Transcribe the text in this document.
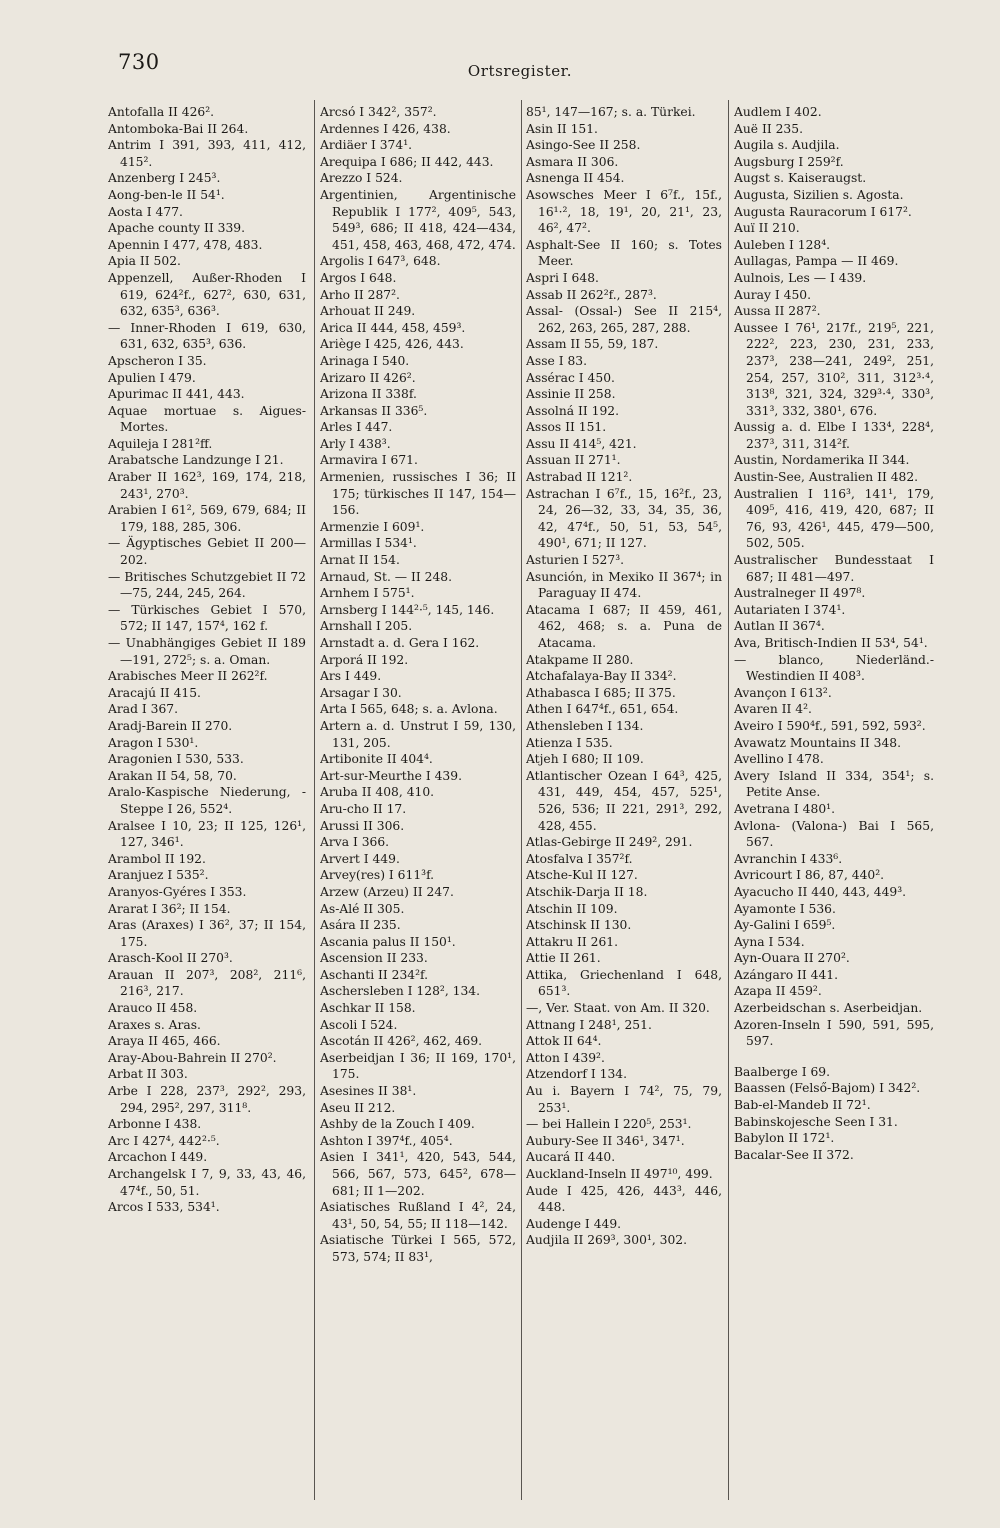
730	Ortsregister.

Antofalla II 426².

Antomboka-Bai II 264.

Antrim I 391, 393, 411, 412, 415².

Anzenberg I 245³.

Aong-ben-le II 54¹.

Aosta I 477.

Apache county II 339.

Apennin I 477, 478, 483.

Apia II 502.

Appenzell, Außer-Rhoden I 619, 624²f., 627², 630, 631, 632, 635³, 636³.

— Inner-Rhoden I 619, 630, 631, 632, 635³, 636.

Apscheron I 35.

Apulien I 479.

Apurimac II 441, 443.

Aquae mortuae s. Aigues-Mortes.

Aquileja I 281²ff.

Arabatsche Landzunge I 21.

Araber II 162³, 169, 174, 218, 243¹, 270³.

Arabien I 61², 569, 679, 684; II 179, 188, 285, 306.

— Ägyptisches Gebiet II 200—202.

— Britisches Schutzgebiet II 72—75, 244, 245, 264.

— Türkisches Gebiet I 570, 572; II 147, 157⁴, 162 f.

— Unabhängiges Gebiet II 189—191, 272⁵; s. a. Oman.

Arabisches Meer II 262²f.

Aracajú II 415.

Arad I 367.

Aradj-Barein II 270.

Aragon I 530¹.

Aragonien I 530, 533.

Arakan II 54, 58, 70.

Aralo-Kaspische Niederung, -Steppe I 26, 552⁴.

Aralsee I 10, 23; II 125, 126¹, 127, 346¹.

Arambol II 192.

Aranjuez I 535².

Aranyos-Gyéres I 353.

Ararat I 36²; II 154.

Aras (Araxes) I 36², 37; II 154, 175.

Arasch-Kool II 270³.

Arauan II 207³, 208², 211⁶, 216³, 217.

Arauco II 458.

Araxes s. Aras.

Araya II 465, 466.

Aray-Abou-Bahrein II 270².

Arbat II 303.

Arbe I 228, 237³, 292², 293, 294, 295², 297, 311⁸.

Arbonne I 438.

Arc I 427⁴, 442²·⁵.

Arcachon I 449.

Archangelsk I 7, 9, 33, 43, 46, 47⁴f., 50, 51.

Arcos I 533, 534¹.

Arcsó I 342², 357².

Ardennes I 426, 438.

Ardiäer I 374¹.

Arequipa I 686; II 442, 443.

Arezzo I 524.

Argentinien, Argentinische Republik I 177², 409⁵, 543, 549³, 686; II 418, 424—434, 451, 458, 463, 468, 472, 474.

Argolis I 647³, 648.

Argos I 648.

Arho II 287².

Arhouat II 249.

Arica II 444, 458, 459³.

Ariège I 425, 426, 443.

Arinaga I 540.

Arizaro II 426².

Arizona II 338f.

Arkansas II 336⁵.

Arles I 447.

Arly I 438³.

Armavira I 671.

Armenien, russisches I 36; II 175; türkisches II 147, 154—156.

Armenzie I 609¹.

Armillas I 534¹.

Arnat II 154.

Arnaud, St. — II 248.

Arnhem I 575¹.

Arnsberg I 144²·⁵, 145, 146.

Arnshall I 205.

Arnstadt a. d. Gera I 162.

Arporá II 192.

Ars I 449.

Arsagar I 30.

Arta I 565, 648; s. a. Avlona.

Artern a. d. Unstrut I 59, 130, 131, 205.

Artibonite II 404⁴.

Art-sur-Meurthe I 439.

Aruba II 408, 410.

Aru-cho II 17.

Arussi II 306.

Arva I 366.

Arvert I 449.

Arvey(res) I 611³f.

Arzew (Arzeu) II 247.

As-Alé II 305.

Asára II 235.

Ascania palus II 150¹.

Ascension II 233.

Aschanti II 234²f.

Aschersleben I 128², 134.

Aschkar II 158.

Ascoli I 524.

Ascotán II 426², 462, 469.

Aserbeidjan I 36; II 169, 170¹, 175.

Asesines II 38¹.

Aseu II 212.

Ashby de la Zouch I 409.

Ashton I 397⁴f., 405⁴.

Asien I 341¹, 420, 543, 544, 566, 567, 573, 645², 678—681; II 1—202.

Asiatisches Rußland I 4², 24, 43¹, 50, 54, 55; II 118—142.

Asiatische Türkei I 565, 572, 573, 574; II 83¹,

85¹, 147—167; s. a. Türkei.

Asin II 151.

Asingo-See II 258.

Asmara II 306.

Asnenga II 454.

Asowsches Meer I 6⁷f., 15f., 16¹·², 18, 19¹, 20, 21¹, 23, 46², 47².

Asphalt-See II 160; s. Totes Meer.

Aspri I 648.

Assab II 262²f., 287³.

Assal- (Ossal-) See II 215⁴, 262, 263, 265, 287, 288.

Assam II 55, 59, 187.

Asse I 83.

Assérac I 450.

Assinie II 258.

Assolná II 192.

Assos II 151.

Assu II 414⁵, 421.

Assuan II 271¹.

Astrabad II 121².

Astrachan I 6⁷f., 15, 16²f., 23, 24, 26—32, 33, 34, 35, 36, 42, 47⁴f., 50, 51, 53, 54⁵, 490¹, 671; II 127.

Asturien I 527³.

Asunción, in Mexiko II 367⁴; in Paraguay II 474.

Atacama I 687; II 459, 461, 462, 468; s. a. Puna de Atacama.

Atakpame II 280.

Atchafalaya-Bay II 334².

Athabasca I 685; II 375.

Athen I 647⁴f., 651, 654.

Athensleben I 134.

Atienza I 535.

Atjeh I 680; II 109.

Atlantischer Ozean I 64³, 425, 431, 449, 454, 457, 525¹, 526, 536; II 221, 291³, 292, 428, 455.

Atlas-Gebirge II 249², 291.

Atosfalva I 357²f.

Atsche-Kul II 127.

Atschik-Darja II 18.

Atschin II 109.

Atschinsk II 130.

Attakru II 261.

Attie II 261.

Attika, Griechenland I 648, 651³.

—, Ver. Staat. von Am. II 320.

Attnang I 248¹, 251.

Attok II 64⁴.

Atton I 439².

Atzendorf I 134.

Au i. Bayern I 74², 75, 79, 253¹.

— bei Hallein I 220⁵, 253¹.

Aubury-See II 346¹, 347¹.

Aucará II 440.

Auckland-Inseln II 497¹⁰, 499.

Aude I 425, 426, 443³, 446, 448.

Audenge I 449.

Audjila II 269³, 300¹, 302.

Audlem I 402.

Auë II 235.

Augila s. Audjila.

Augsburg I 259²f.

Augst s. Kaiseraugst.

Augusta, Sizilien s. Agosta.

Augusta Rauracorum I 617².

Auï II 210.

Auleben I 128⁴.

Aullagas, Pampa — II 469.

Aulnois, Les — I 439.

Auray I 450.

Aussa II 287².

Aussee I 76¹, 217f., 219⁵, 221, 222², 223, 230, 231, 233, 237³, 238—241, 249², 251, 254, 257, 310², 311, 312³·⁴, 313⁸, 321, 324, 329³·⁴, 330³, 331³, 332, 380¹, 676.

Aussig a. d. Elbe I 133⁴, 228⁴, 237³, 311, 314²f.

Austin, Nordamerika II 344.

Austin-See, Australien II 482.

Australien I 116³, 141¹, 179, 409⁵, 416, 419, 420, 687; II 76, 93, 426¹, 445, 479—500, 502, 505.

Australischer Bundesstaat I 687; II 481—497.

Australneger II 497⁸.

Autariaten I 374¹.

Autlan II 367⁴.

Ava, Britisch-Indien II 53⁴, 54¹.

— blanco, Niederländ.-Westindien II 408³.

Avançon I 613².

Avaren II 4².

Aveiro I 590⁴f., 591, 592, 593².

Avawatz Mountains II 348.

Avellino I 478.

Avery Island II 334, 354¹; s. Petite Anse.

Avetrana I 480¹.

Avlona- (Valona-) Bai I 565, 567.

Avranchin I 433⁶.

Avricourt I 86, 87, 440².

Ayacucho II 440, 443, 449³.

Ayamonte I 536.

Ay-Galini I 659⁵.

Ayna I 534.

Ayn-Ouara II 270².

Azángaro II 441.

Azapa II 459².

Azerbeidschan s. Aserbeidjan.

Azoren-Inseln I 590, 591, 595, 597.

Baalberge I 69.

Baassen (Felső-Bajom) I 342².

Bab-el-Mandeb II 72¹.

Babinskojesche Seen I 31.

Babylon II 172¹.

Bacalar-See II 372.
